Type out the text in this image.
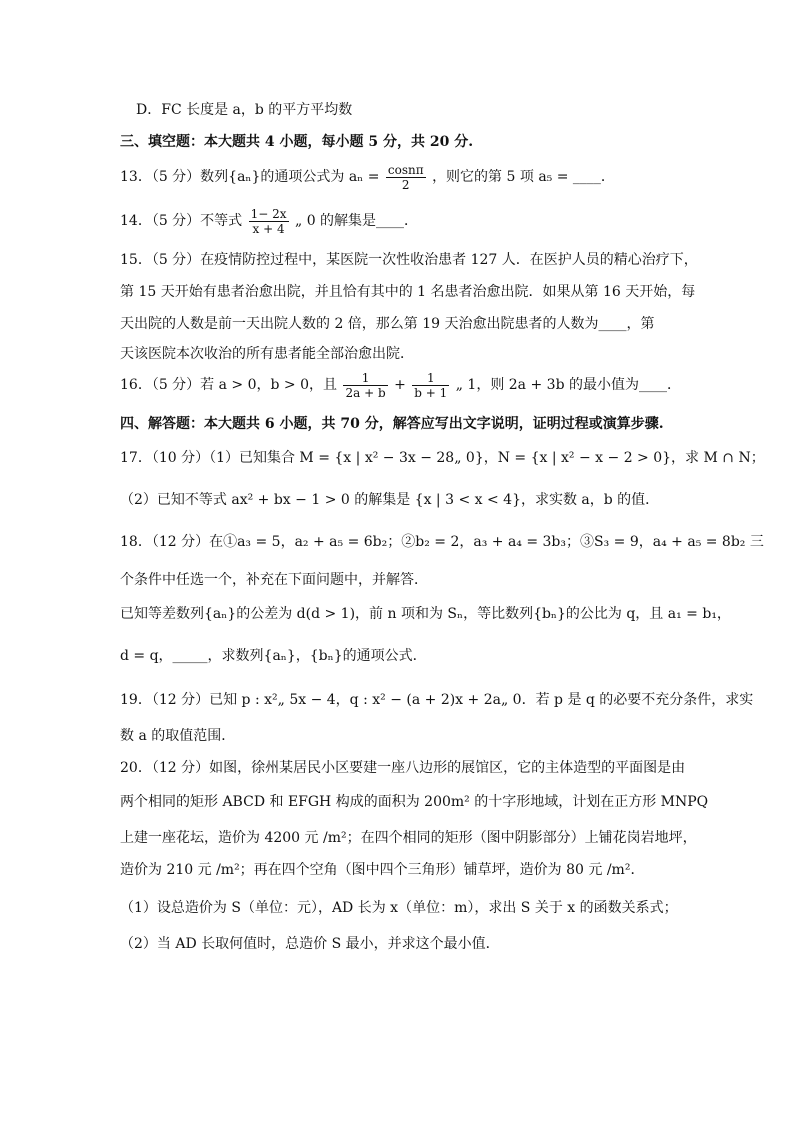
D．FC 长度是 a，b 的平方平均数
三、填空题：本大题共 4 小题，每小题 5 分，共 20 分.
13．（5 分）数列{aₙ}的通项公式为 $a_n = \frac{\cos n\pi}{2}$ ，则它的第 5 项 a₅ = ____．
14．（5 分）不等式 $\frac{1- 2x}{x + 4}$ „ 0 的解集是____．
15．（5 分）在疫情防控过程中，某医院一次性收治患者 127 人．在医护人员的精心治疗下，
第 15 天开始有患者治愈出院，并且恰有其中的 1 名患者治愈出院．如果从第 16 天开始，每
天出院的人数是前一天出院人数的 2 倍，那么第 19 天治愈出院患者的人数为____，第
天该医院本次收治的所有患者能全部治愈出院．
16．（5 分）若 a > 0，b > 0，且 $\frac{1}{2a + b} + \frac{1}{b + 1}$ „ 1，则 2a + 3b 的最小值为____．
四、解答题：本大题共 6 小题，共 70 分，解答应写出文字说明，证明过程或演算步骤.
17．（10 分）（1）已知集合 M = {x | x² − 3x − 28„ 0}，N = {x | x² − x − 2 > 0}，求 M ∩ N；
（2）已知不等式 ax² + bx − 1 > 0 的解集是 {x | 3 < x < 4}，求实数 a，b 的值．
18．（12 分）在①a₃ = 5，a₂ + a₅ = 6b₂；②b₂ = 2，a₃ + a₄ = 3b₃；③S₃ = 9，a₄ + a₅ = 8b₂ 三
个条件中任选一个，补充在下面问题中，并解答．
已知等差数列{aₙ}的公差为 d(d > 1)，前 n 项和为 Sₙ，等比数列{bₙ}的公比为 q，且 a₁ = b₁，
d = q，_____，求数列{aₙ}，{bₙ}的通项公式．
19．（12 分）已知 p : x²„ 5x − 4，q : x² − (a + 2)x + 2a„ 0．若 p 是 q 的必要不充分条件，求实
数 a 的取值范围．
20．（12 分）如图，徐州某居民小区要建一座八边形的展馆区，它的主体造型的平面图是由
两个相同的矩形 ABCD 和 EFGH 构成的面积为 200m² 的十字形地域，计划在正方形 MNPQ
上建一座花坛，造价为 4200 元 /m²；在四个相同的矩形（图中阴影部分）上铺花岗岩地坪，
造价为 210 元 /m²；再在四个空角（图中四个三角形）铺草坪，造价为 80 元 /m²．
（1）设总造价为 S（单位：元），AD 长为 x（单位：m），求出 S 关于 x 的函数关系式；
（2）当 AD 长取何值时，总造价 S 最小，并求这个最小值．
